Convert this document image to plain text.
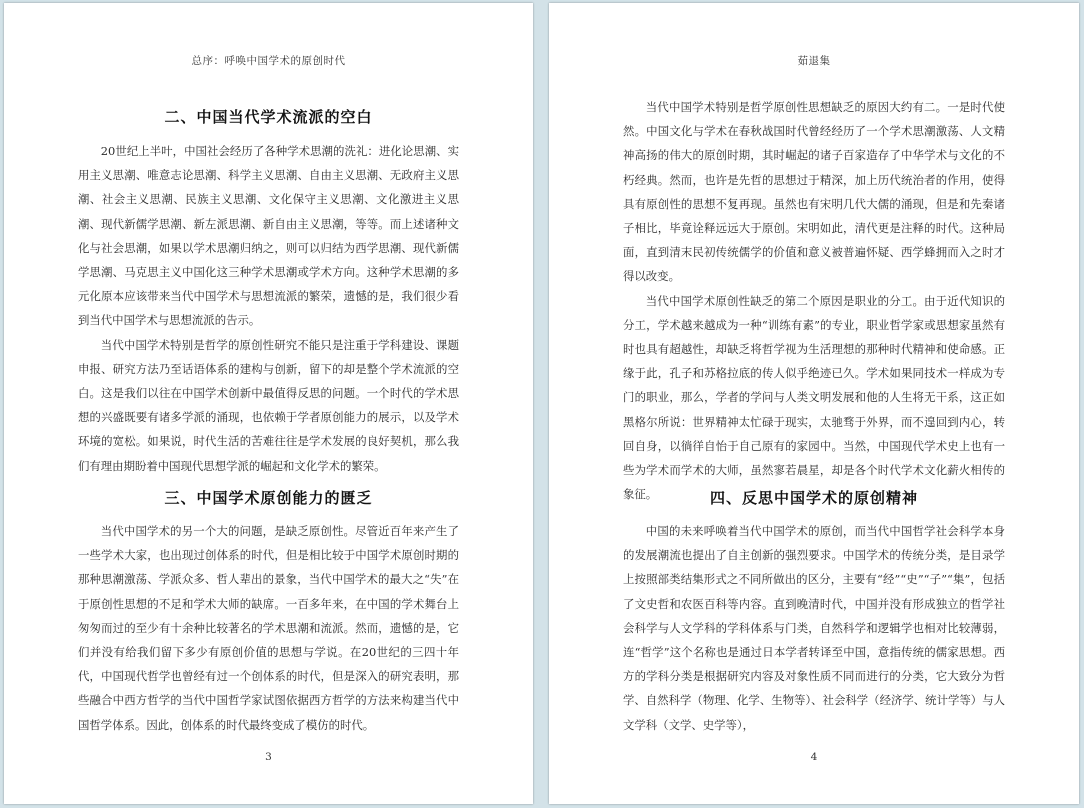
总序：呼唤中国学术的原创时代
二、中国当代学术流派的空白

20世纪上半叶，中国社会经历了各种学术思潮的洗礼：进化论思潮、实用主义思潮、唯意志论思潮、科学主义思潮、自由主义思潮、无政府主义思潮、社会主义思潮、民族主义思潮、文化保守主义思潮、文化激进主义思潮、现代新儒学思潮、新左派思潮、新自由主义思潮，等等。而上述诸种文化与社会思潮，如果以学术思潮归纳之，则可以归结为西学思潮、现代新儒学思潮、马克思主义中国化这三种学术思潮或学术方向。这种学术思潮的多元化原本应该带来当代中国学术与思想流派的繁荣，遗憾的是，我们很少看到当代中国学术与思想流派的告示。

当代中国学术特别是哲学的原创性研究不能只是注重于学科建设、课题申报、研究方法乃至话语体系的建构与创新，留下的却是整个学术流派的空白。这是我们以往在中国学术创新中最值得反思的问题。一个时代的学术思想的兴盛既要有诸多学派的涌现，也依赖于学者原创能力的展示，以及学术环境的宽松。如果说，时代生活的苦难往往是学术发展的良好契机，那么我们有理由期盼着中国现代思想学派的崛起和文化学术的繁荣。

三、中国学术原创能力的匮乏

当代中国学术的另一个大的问题，是缺乏原创性。尽管近百年来产生了一些学术大家，也出现过创体系的时代，但是相比较于中国学术原创时期的那种思潮激荡、学派众多、哲人辈出的景象，当代中国学术的最大之“失”在于原创性思想的不足和学术大师的缺席。一百多年来，在中国的学术舞台上匆匆而过的至少有十余种比较著名的学术思潮和流派。然而，遗憾的是，它们并没有给我们留下多少有原创价值的思想与学说。在20世纪的三四十年代，中国现代哲学也曾经有过一个创体系的时代，但是深入的研究表明，那些融合中西方哲学的当代中国哲学家试图依据西方哲学的方法来构建当代中国哲学体系。因此，创体系的时代最终变成了模仿的时代。

3
茹退集

当代中国学术特别是哲学原创性思想缺乏的原因大约有二。一是时代使然。中国文化与学术在春秋战国时代曾经经历了一个学术思潮激荡、人文精神高扬的伟大的原创时期，其时崛起的诸子百家造存了中华学术与文化的不朽经典。然而，也许是先哲的思想过于精深，加上历代统治者的作用，使得具有原创性的思想不复再现。虽然也有宋明几代大儒的涌现，但是和先秦诸子相比，毕竟诠释远远大于原创。宋明如此，清代更是注释的时代。这种局面，直到清末民初传统儒学的价值和意义被普遍怀疑、西学蜂拥而入之时才得以改变。

当代中国学术原创性缺乏的第二个原因是职业的分工。由于近代知识的分工，学术越来越成为一种“训练有素”的专业，职业哲学家或思想家虽然有时也具有超越性，却缺乏将哲学视为生活理想的那种时代精神和使命感。正缘于此，孔子和苏格拉底的传人似乎绝迹已久。学术如果同技术一样成为专门的职业，那么，学者的学问与人类文明发展和他的人生将无干系，这正如黑格尔所说：世界精神太忙碌于现实，太驰骛于外界，而不遑回到内心，转回自身，以徜徉自怡于自己原有的家园中。当然，中国现代学术史上也有一些为学术而学术的大师，虽然寥若晨星，却是各个时代学术文化薪火相传的象征。	四、反思中国学术的原创精神

中国的未来呼唤着当代中国学术的原创，而当代中国哲学社会科学本身的发展潮流也提出了自主创新的强烈要求。中国学术的传统分类，是目录学上按照部类结集形式之不同所做出的区分，主要有“经”“史”“子”“集”，包括了文史哲和农医百科等内容。直到晚清时代，中国并没有形成独立的哲学社会科学与人文学科的学科体系与门类，自然科学和逻辑学也相对比较薄弱，连“哲学”这个名称也是通过日本学者转译至中国，意指传统的儒家思想。西方的学科分类是根据研究内容及对象性质不同而进行的分类，它大致分为哲学、自然科学（物理、化学、生物等）、社会科学（经济学、统计学等）与人文学科（文学、史学等），

4
